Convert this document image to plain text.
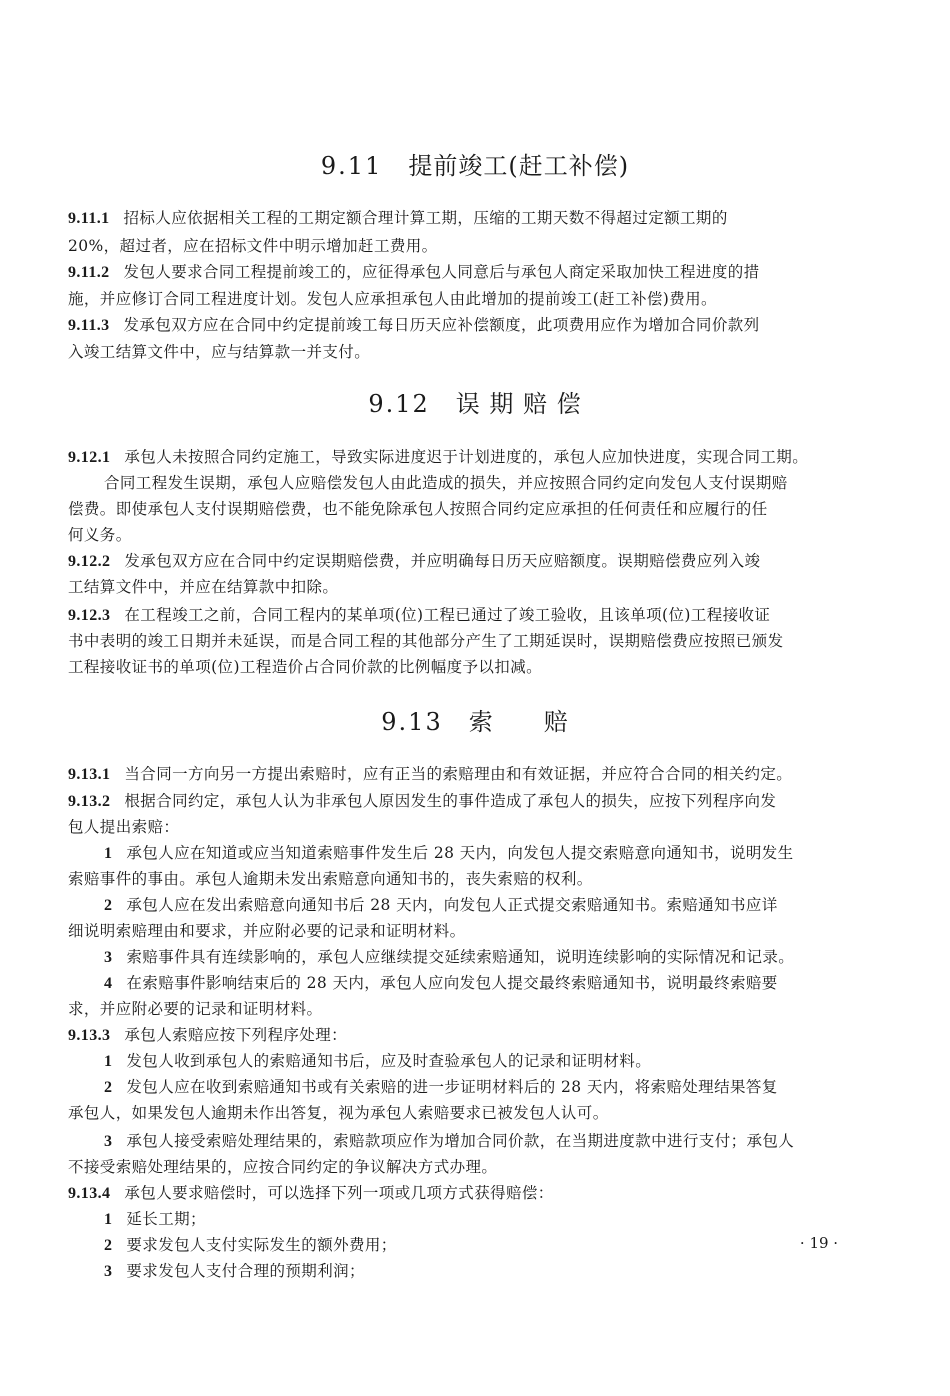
9.11 提前竣工(赶工补偿)
9.11.1 招标人应依据相关工程的工期定额合理计算工期，压缩的工期天数不得超过定额工期的
20%，超过者，应在招标文件中明示增加赶工费用。
9.11.2 发包人要求合同工程提前竣工的，应征得承包人同意后与承包人商定采取加快工程进度的措
施，并应修订合同工程进度计划。发包人应承担承包人由此增加的提前竣工(赶工补偿)费用。
9.11.3 发承包双方应在合同中约定提前竣工每日历天应补偿额度，此项费用应作为增加合同价款列
入竣工结算文件中，应与结算款一并支付。
9.12 误 期 赔 偿
9.12.1 承包人未按照合同约定施工，导致实际进度迟于计划进度的，承包人应加快进度，实现合同工期。
合同工程发生误期，承包人应赔偿发包人由此造成的损失，并应按照合同约定向发包人支付误期赔
偿费。即使承包人支付误期赔偿费，也不能免除承包人按照合同约定应承担的任何责任和应履行的任
何义务。
9.12.2 发承包双方应在合同中约定误期赔偿费，并应明确每日历天应赔额度。误期赔偿费应列入竣
工结算文件中，并应在结算款中扣除。
9.12.3 在工程竣工之前，合同工程内的某单项(位)工程已通过了竣工验收，且该单项(位)工程接收证
书中表明的竣工日期并未延误，而是合同工程的其他部分产生了工期延误时，误期赔偿费应按照已颁发
工程接收证书的单项(位)工程造价占合同价款的比例幅度予以扣减。
9.13 索　　赔
9.13.1 当合同一方向另一方提出索赔时，应有正当的索赔理由和有效证据，并应符合合同的相关约定。
9.13.2 根据合同约定，承包人认为非承包人原因发生的事件造成了承包人的损失，应按下列程序向发
包人提出索赔：
1 承包人应在知道或应当知道索赔事件发生后 28 天内，向发包人提交索赔意向通知书，说明发生
索赔事件的事由。承包人逾期未发出索赔意向通知书的，丧失索赔的权利。
2 承包人应在发出索赔意向通知书后 28 天内，向发包人正式提交索赔通知书。索赔通知书应详
细说明索赔理由和要求，并应附必要的记录和证明材料。
3 索赔事件具有连续影响的，承包人应继续提交延续索赔通知，说明连续影响的实际情况和记录。
4 在索赔事件影响结束后的 28 天内，承包人应向发包人提交最终索赔通知书，说明最终索赔要
求，并应附必要的记录和证明材料。
9.13.3 承包人索赔应按下列程序处理：
1 发包人收到承包人的索赔通知书后，应及时查验承包人的记录和证明材料。
2 发包人应在收到索赔通知书或有关索赔的进一步证明材料后的 28 天内，将索赔处理结果答复
承包人，如果发包人逾期未作出答复，视为承包人索赔要求已被发包人认可。
3 承包人接受索赔处理结果的，索赔款项应作为增加合同价款，在当期进度款中进行支付；承包人
不接受索赔处理结果的，应按合同约定的争议解决方式办理。
9.13.4 承包人要求赔偿时，可以选择下列一项或几项方式获得赔偿：
1 延长工期；
2 要求发包人支付实际发生的额外费用；
3 要求发包人支付合理的预期利润；
· 19 ·
